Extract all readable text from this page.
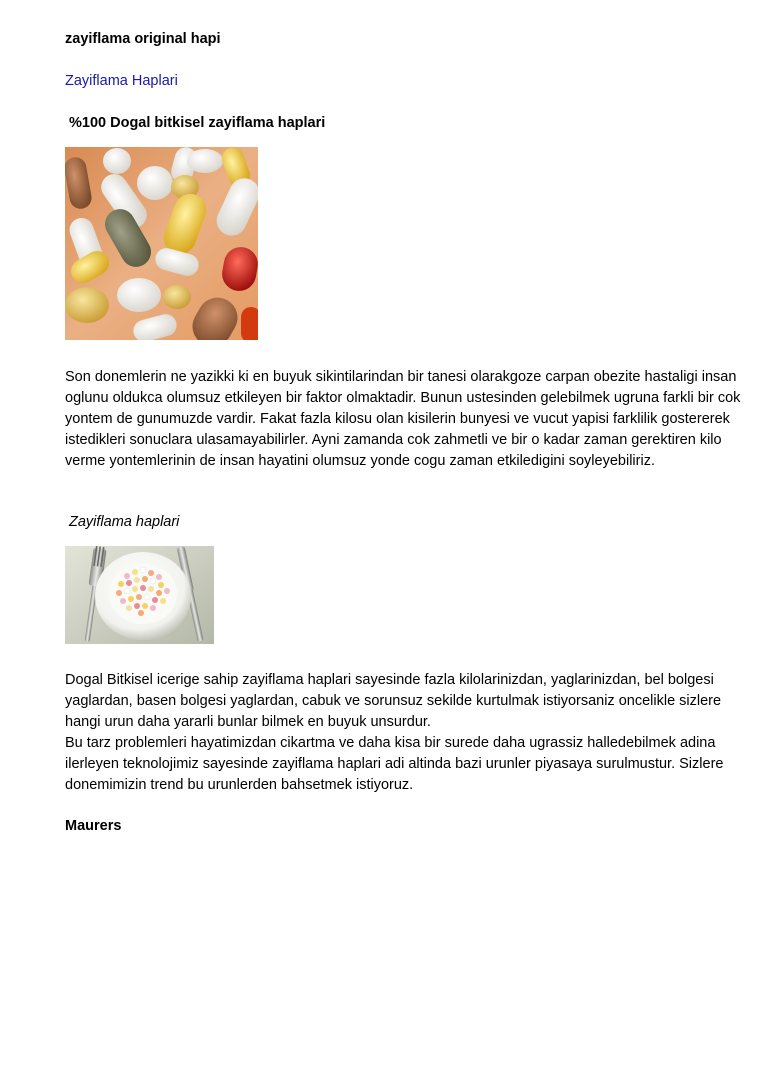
zayiflama original hapi
Zayiflama Haplari
%100 Dogal bitkisel zayiflama haplari

Son donemlerin ne yazikki ki en buyuk sikintilarindan bir tanesi olarakgoze carpan obezite hastaligi insan oglunu oldukca olumsuz etkileyen bir faktor olmaktadir. Bunun ustesinden gelebilmek ugruna farkli bir cok yontem de gunumuzde vardir. Fakat fazla kilosu olan kisilerin bunyesi ve vucut yapisi farklilik gostererek istedikleri sonuclara ulasamayabilirler. Ayni zamanda cok zahmetli ve bir o kadar zaman gerektiren kilo verme yontemlerinin de insan hayatini olumsuz yonde cogu zaman etkiledigini soyleyebiliriz.

Zayiflama haplari

Dogal Bitkisel icerige sahip zayiflama haplari sayesinde fazla kilolarinizdan, yaglarinizdan, bel bolgesi yaglardan, basen bolgesi yaglardan, cabuk ve sorunsuz sekilde kurtulmak istiyorsaniz oncelikle sizlere hangi urun daha yararli bunlar bilmek en buyuk unsurdur.

Bu tarz problemleri hayatimizdan cikartma ve daha kisa bir surede daha ugrassiz halledebilmek adina ilerleyen teknolojimiz sayesinde zayiflama haplari adi altinda bazi urunler piyasaya surulmustur. Sizlere donemimizin trend bu urunlerden bahsetmek istiyoruz.

Maurers
